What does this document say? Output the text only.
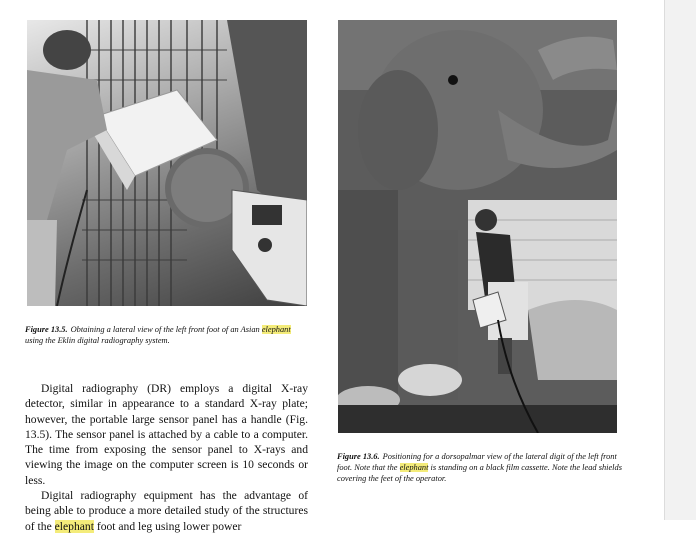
Figure 13.5. Obtaining a lateral view of the left front foot of an Asian elephant using the Eklin digital radiography system.
Figure 13.6. Positioning for a dorsopalmar view of the lateral digit of the left front foot. Note that the elephant is standing on a black film cassette. Note the lead shields covering the feet of the operator.

Digital radiography (DR) employs a digital X-ray detector, similar in appearance to a standard X-ray plate; however, the portable large sensor panel has a handle (Fig. 13.5). The sensor panel is attached by a cable to a computer. The time from exposing the sensor panel to X-rays and viewing the image on the computer screen is 10 seconds or less.

Digital radiography equipment has the advantage of being able to produce a more detailed study of the structures of the elephant foot and leg using lower power
